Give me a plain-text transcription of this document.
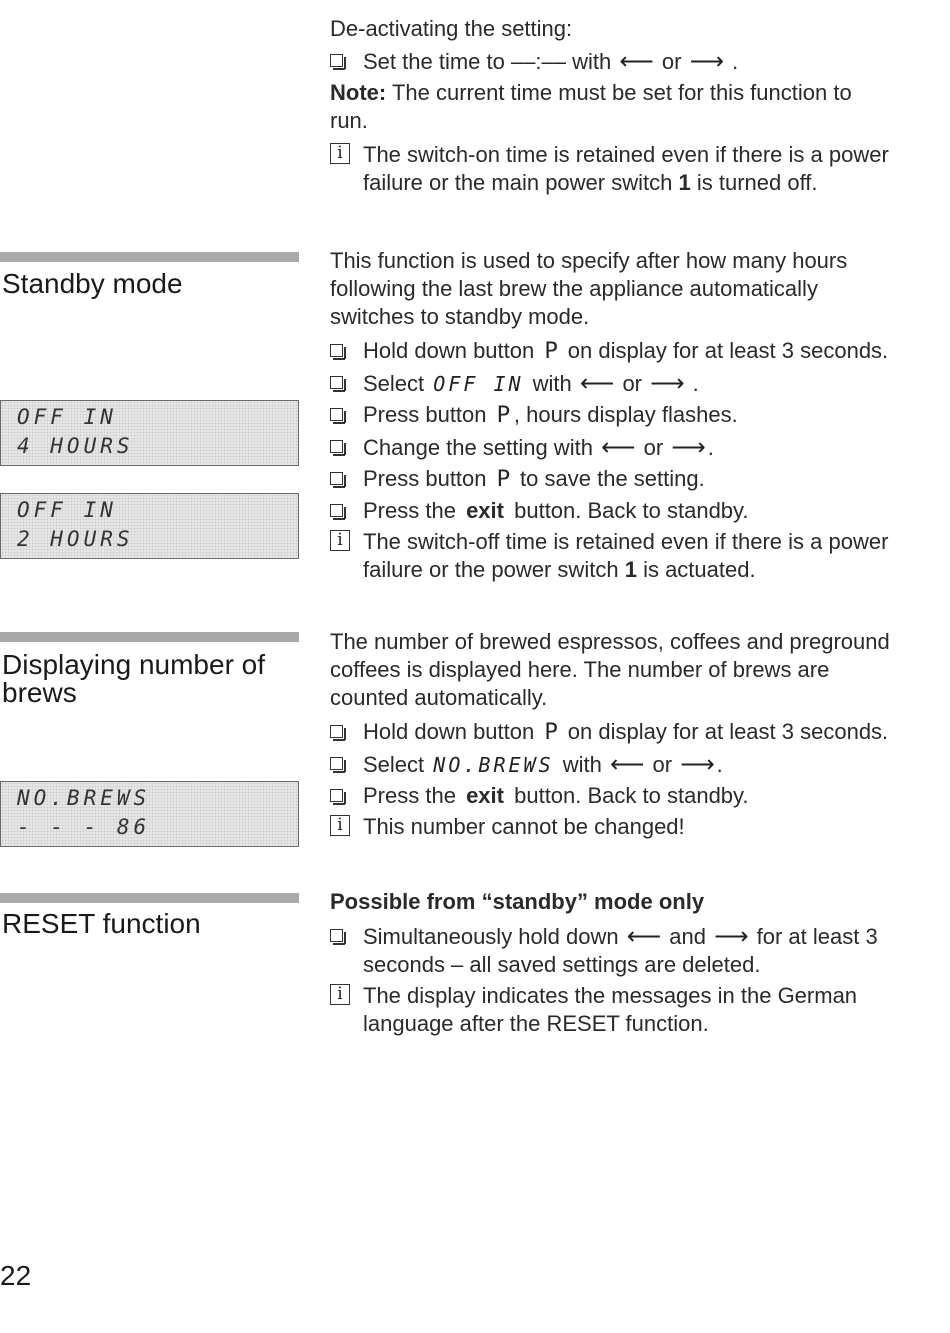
Standby mode
OFF IN
4 HOURS
OFF IN
2 HOURS
Displaying number of brews
NO.BREWS
- - - 86
RESET function
22

De-activating the setting:

Set the time to ––:–– with ⟵ or ⟶ .

Note: The current time must be set for this function to run.

i The switch-on time is retained even if there is a power failure or the main power switch 1 is turned off.

This function is used to specify after how many hours following the last brew the appliance automatically switches to standby mode.

Hold down button P on display for at least 3 seconds.
Select OFF IN with ⟵ or ⟶ .
Press button P , hours display flashes.
Change the setting with ⟵ or ⟶.
Press button P to save the setting.
Press the exit button. Back to standby.
i The switch-off time is retained even if there is a power failure or the power switch 1 is actuated.

The number of brewed espressos, coffees and preground coffees is displayed here. The number of brews are counted automatically.

Hold down button P on display for at least 3 seconds.
Select NO.BREWS with ⟵ or ⟶.
Press the exit button. Back to standby.
i This number cannot be changed!

Possible from “standby” mode only

Simultaneously hold down ⟵ and ⟶ for at least 3 seconds – all saved settings are deleted.
i The display indicates the messages in the German language after the RESET function.
